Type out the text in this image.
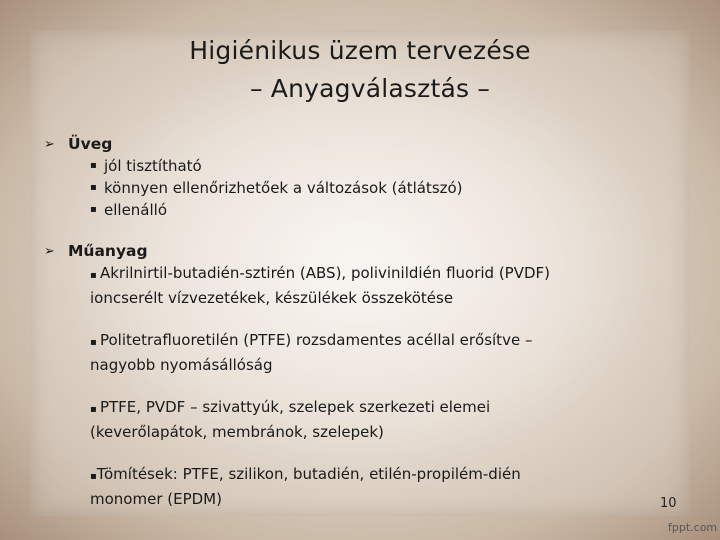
Higiénikus üzem tervezése
– Anyagválasztás –
➢ Üveg
▪ jól tisztítható
▪ könnyen ellenőrizhetőek a változások (átlátszó)
▪ ellenálló
➢ Műanyag
▪ Akrilnirtil-butadién-sztirén (ABS), polivinildién fluorid (PVDF)
ioncserélt vízvezetékek, készülékek összekötése
▪ Politetrafluoretilén (PTFE) rozsdamentes acéllal erősítve –
nagyobb nyomásállóság
▪ PTFE, PVDF – szivattyúk, szelepek szerkezeti elemei
(keverőlapátok, membránok, szelepek)
▪Tömítések: PTFE, szilikon, butadién, etilén-propilém-dién
monomer (EPDM)	10
fppt.com
